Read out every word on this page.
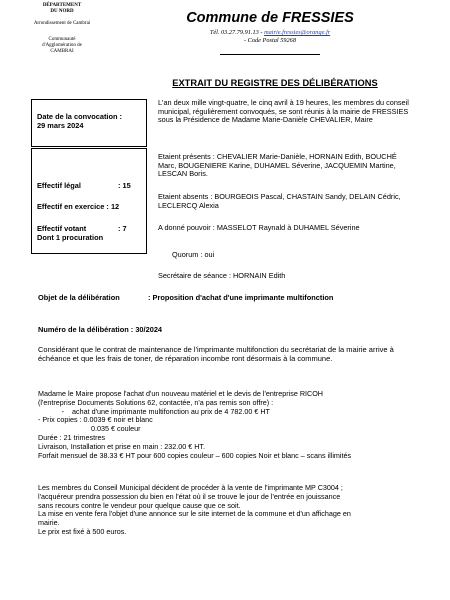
DÉPARTEMENT
DU NORD
Arrondissement de Cambrai
Communauté
d'Agglomération de
CAMBRAI
Commune de FRESSIES
Tél. 03.27.79.91.13 - mairie.fressies@orange.fr
- Code Postal 59268
EXTRAIT DU REGISTRE DES DÉLIBÉRATIONS
Date de la convocation :
29 mars 2024
Effectif légal	: 15
Effectif en exercice : 12
Effectif votant	: 7
Dont 1 procuration
L'an deux mille vingt-quatre, le cinq avril à 19 heures, les membres du conseil municipal, régulièrement convoqués, se sont réunis à la mairie de FRESSIES sous la Présidence de Madame Marie-Danièle CHEVALIER, Maire
Etaient présents : CHEVALIER Marie-Danièle, HORNAIN Edith, BOUCHÉ Marc, BOUGENIERE Karine, DUHAMEL Séverine, JACQUEMIN Martine, LESCAN Boris.
Etaient absents : BOURGEOIS Pascal, CHASTAIN Sandy, DELAIN Cédric, LECLERCQ Alexia
A donné pouvoir : MASSELOT Raynald à DUHAMEL Séverine
Quorum : oui
Secrétaire de séance : HORNAIN Edith
Objet de la délibération	: Proposition d'achat d'une imprimante multifonction
Numéro de la délibération : 30/2024
Considérant que le contrat de maintenance de l'imprimante multifonction du secrétariat de la mairie arrive à échéance et que les frais de toner, de réparation incombe ront désormais à la commune.
Madame le Maire propose l'achat d'un nouveau matériel et le devis de l'entreprise RICOH
(l'entreprise Documents Solutions 62, contactée, n'a pas remis son offre) :
- achat d'une imprimante multifonction au prix de 4 782.00 € HT
- Prix copies : 0.0039 € noir et blanc
0.035 € couleur
Durée : 21 trimestres
Livraison, Installation et prise en main : 232.00 € HT.
Forfait mensuel de 38.33 € HT pour 600 copies couleur – 600 copies Noir et blanc – scans illimités
Les membres du Conseil Municipal décident de procéder à la vente de l'imprimante MP C3004 ;
l'acquéreur prendra possession du bien en l'état où il se trouve le jour de l'entrée en jouissance
sans recours contre le vendeur pour quelque cause que ce soit.
La mise en vente fera l'objet d'une annonce sur le site internet de la commune et d'un affichage en
mairie.
Le prix est fixé à 500 euros.
